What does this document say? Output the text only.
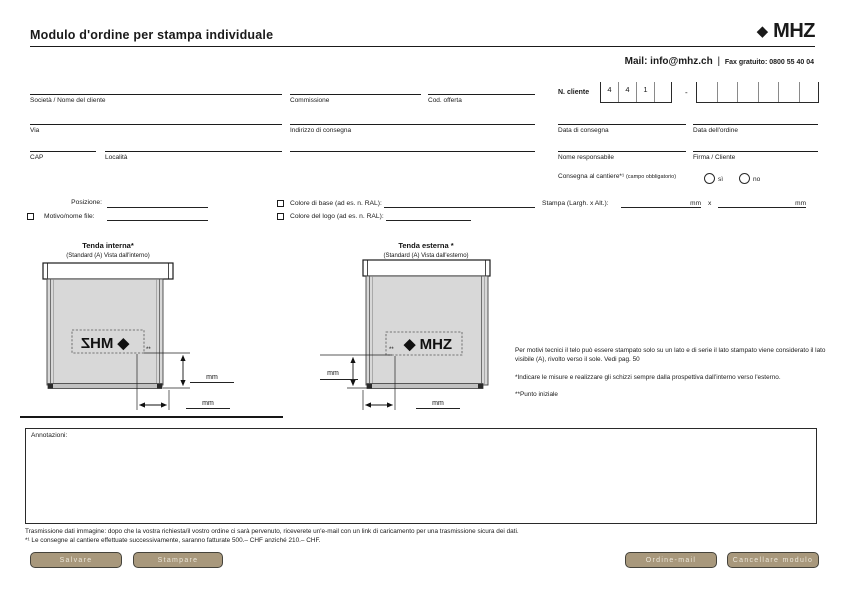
Modulo d'ordine per stampa individuale	◆ MHZ
Mail: info@mhz.ch | Fax gratuito: 0800 55 40 04
N. cliente	4	4	1	-
Società / Nome del cliente	Commissione	Cod. offerta
Via	Indirizzo di consegna	Data di consegna	Data dell'ordine
CAP	Località	Nome responsabile	Firma / Cliente
Consegna al cantiere*¹ (campo obbligatorio)	sì	no
Posizione:
Motivo/nome file:
Colore di base (ad es. n. RAL):
Colore del logo (ad es. n. RAL):
Stampa (Largh. x Alt.):	mm x	mm
Tenda interna*
(Standard (A) Vista dall'interno)
◆ MHZ	**
mm
mm
Tenda esterna *
(Standard (A) Vista dall'esterno)
** ◆ MHZ
mm
mm
Per motivi tecnici il telo può essere stampato solo su un lato e di serie il lato stampato viene considerato il lato visibile (A), rivolto verso il sole. Vedi pag. 50
*Indicare le misure e realizzare gli schizzi sempre dalla prospettiva dall'interno verso l'esterno.
**Punto iniziale
Annotazioni:
Trasmissione dati immagine: dopo che la vostra richiesta/il vostro ordine ci sarà pervenuto, riceverete un'e-mail con un link di caricamento per una trasmissione sicura dei dati.
*¹ Le consegne al cantiere effettuate successivamente, saranno fatturate 500.– CHF anziché 210.– CHF.
Salvare	Stampare	Ordine-mail	Cancellare modulo
